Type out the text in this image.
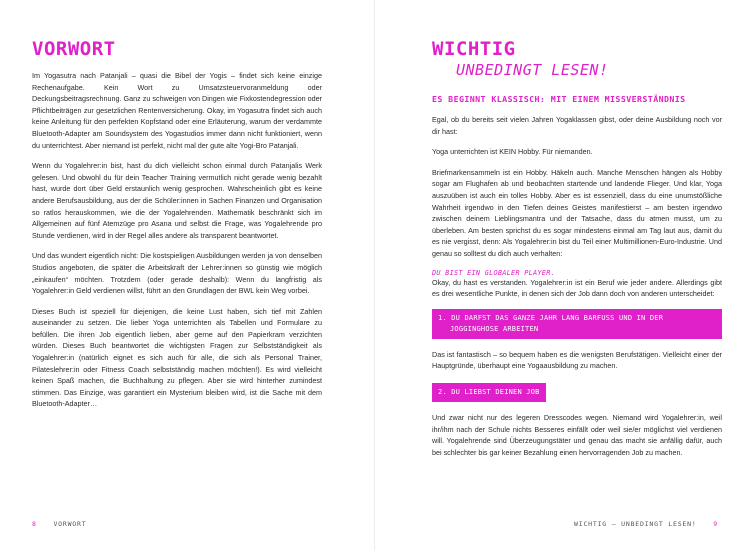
VORWORT

Im Yogasutra nach Patanjali – quasi die Bibel der Yogis – findet sich keine einzige Rechenaufgabe. Kein Wort zu Umsatzsteuervoranmeldung oder Deckungsbeitragsrechnung. Ganz zu schweigen von Dingen wie Fixkostendegression oder Pflichtbeiträgen zur gesetzlichen Rentenversicherung. Okay, im Yogasutra findet sich auch keine Anleitung für den perfekten Kopfstand oder eine Erläuterung, warum der verdammte Bluetooth-Adapter am Soundsystem des Yogastudios immer dann nicht funktioniert, wenn du unterrichtest. Aber niemand ist perfekt, nicht mal der gute alte Yogi-Bro Patanjali.

Wenn du Yogalehrer:in bist, hast du dich vielleicht schon einmal durch Patanjalis Werk gelesen. Und obwohl du für dein Teacher Training vermutlich nicht gerade wenig bezahlt hast, wurde dort über Geld erstaunlich wenig gesprochen. Wahrscheinlich gibt es keine andere Berufsausbildung, aus der die Schüler:innen in Sachen Finanzen und Organisation so ratlos herauskommen, wie die der Yogalehrenden. Mathematik beschränkt sich im Allgemeinen auf fünf Atemzüge pro Asana und selbst die Frage, was Yogalehrende pro Stunde verdienen, wird in der Regel alles andere als transparent beantwortet.

Und das wundert eigentlich nicht: Die kostspieligen Ausbildungen werden ja von denselben Studios angeboten, die später die Arbeitskraft der Lehrer:innen so günstig wie möglich „einkaufen“ möchten. Trotzdem (oder gerade deshalb): Wenn du langfristig als Yogalehrer:in Geld verdienen willst, führt an den Grundlagen der BWL kein Weg vorbei.

Dieses Buch ist speziell für diejenigen, die keine Lust haben, sich tief mit Zahlen auseinander zu setzen. Die lieber Yoga unterrichten als Tabellen und Formulare zu befüllen. Die ihren Job eigentlich lieben, aber gerne auf den Papierkram verzichten würden. Dieses Buch beantwortet die wichtigsten Fragen zur Selbstständigkeit als Yogalehrer:in (natürlich eignet es sich auch für alle, die sich als Personal Trainer, Pilateslehrer:in oder Fitness Coach selbstständig machen möchten!). Es wird vielleicht keinen Spaß machen, die Buchhaltung zu pflegen. Aber sie wird hinterher zumindest stimmen. Das Einzige, was garantiert ein Mysterium bleiben wird, ist die Sache mit dem Bluetooth-Adapter…

8	VORWORT
WICHTIG
UNBEDINGT LESEN!
ES BEGINNT KLASSISCH: MIT EINEM MISSVERSTÄNDNIS

Egal, ob du bereits seit vielen Jahren Yogaklassen gibst, oder deine Ausbildung noch vor dir hast:

Yoga unterrichten ist KEIN Hobby. Für niemanden.

Briefmarkensammeln ist ein Hobby. Häkeln auch. Manche Menschen hängen als Hobby sogar am Flughafen ab und beobachten startende und landende Flieger. Und klar, Yoga auszuüben ist auch ein tolles Hobby. Aber es ist essenziell, dass du eine unumstößliche Wahrheit irgendwo in den Tiefen deines Geistes manifestierst – am besten irgendwo zwischen deinem Lieblingsmantra und der Tatsache, dass du atmen musst, um zu überleben. Am besten sprichst du es sogar mindestens einmal am Tag laut aus, damit du es nie vergisst, denn: Als Yogalehrer:in bist du Teil einer Multimillionen-Euro-Industrie. Und genau so solltest du dich auch verhalten:

DU BIST EIN GLOBALER PLAYER.

Okay, du hast es verstanden. Yogalehrer:in ist ein Beruf wie jeder andere. Allerdings gibt es drei wesentliche Punkte, in denen sich der Job dann doch von anderen unterscheidet:

1. DU DARFST DAS GANZE JAHR LANG BARFUSS UND IN DER JOGGINGHOSE ARBEITEN

Das ist fantastisch – so bequem haben es die wenigsten Berufstätigen. Vielleicht einer der Hauptgründe, überhaupt eine Yogaausbildung zu machen.

2. DU LIEBST DEINEN JOB

Und zwar nicht nur des legeren Dresscodes wegen. Niemand wird Yogalehrer:in, weil ihr/ihm nach der Schule nichts Besseres einfällt oder weil sie/er möglichst viel verdienen will. Yogalehrende sind Überzeugungstäter und genau das macht sie anfällig dafür, auch bei schlechter bis gar keiner Bezahlung einen hervorragenden Job zu machen.

WICHTIG – UNBEDINGT LESEN!	9
